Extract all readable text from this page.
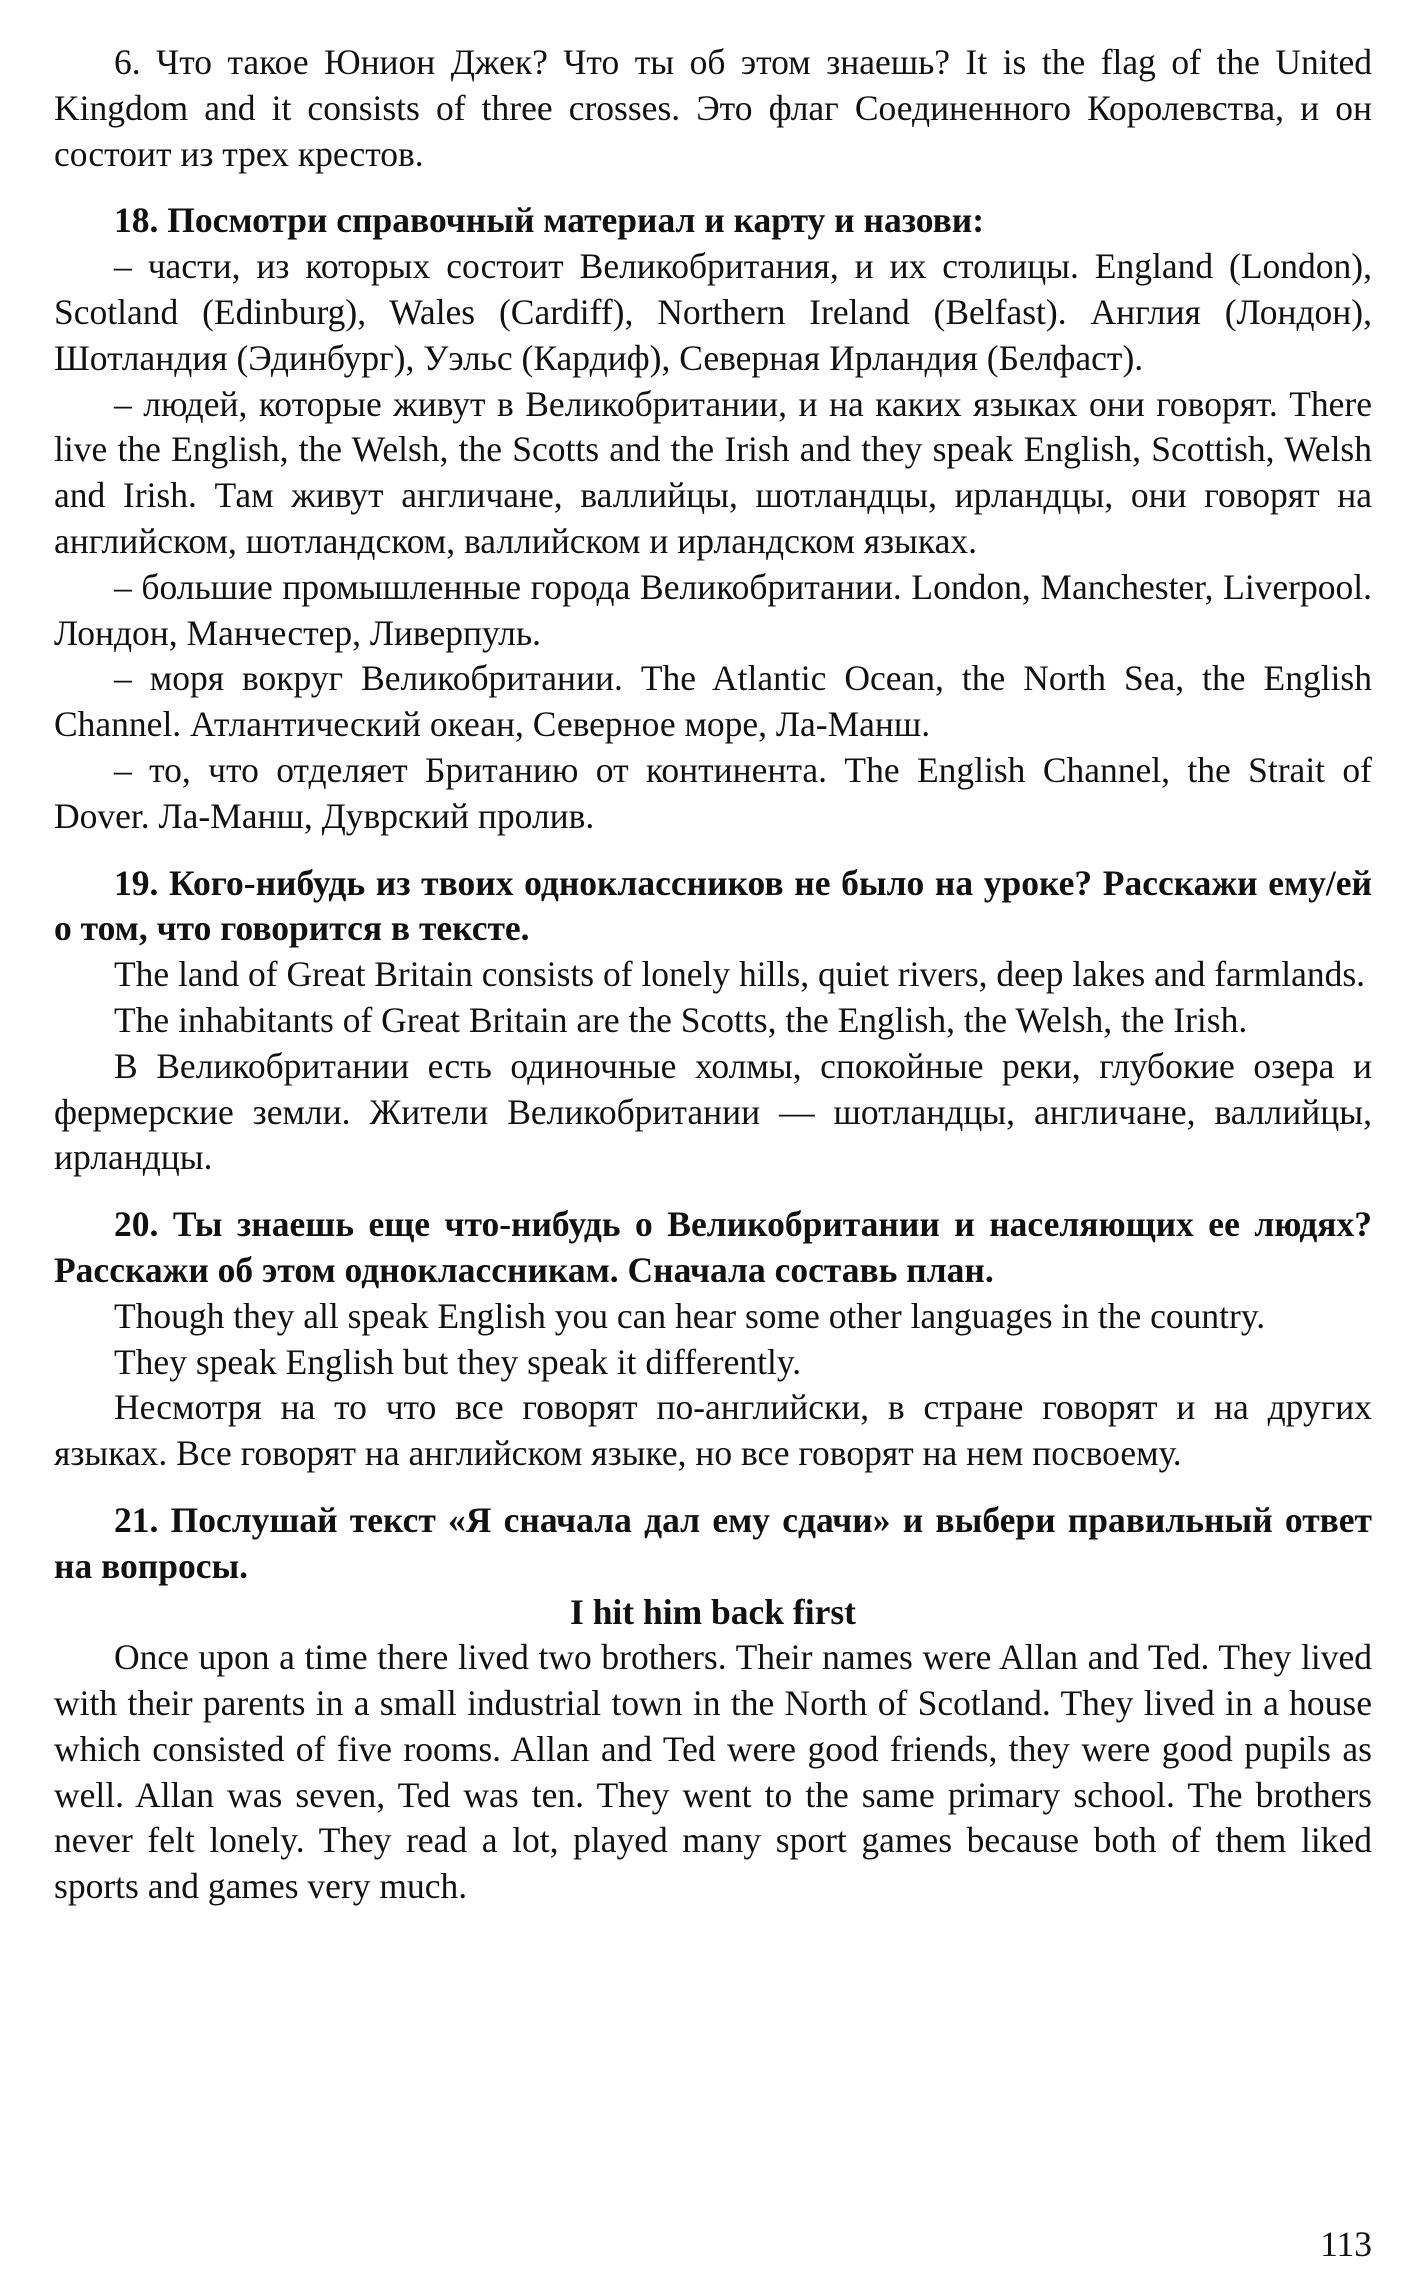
6. Что такое Юнион Джек? Что ты об этом знаешь? It is the flag of the United Kingdom and it consists of three crosses. Это флаг Соединенного Королевства, и он состоит из трех крестов.

18. Посмотри справочный материал и карту и назови:

– части, из которых состоит Великобритания, и их столицы. England (London), Scotland (Edinburg), Wales (Cardiff), Northern Ireland (Belfast). Англия (Лондон), Шотландия (Эдинбург), Уэльс (Кардиф), Северная Ирландия (Белфаст).

– людей, которые живут в Великобритании, и на каких языках они говорят. There live the English, the Welsh, the Scotts and the Irish and they speak English, Scottish, Welsh and Irish. Там живут англичане, валлийцы, шотландцы, ирландцы, они говорят на английском, шотландском, валлийском и ирландском языках.

– большие промышленные города Великобритании. London, Manchester, Liverpool. Лондон, Манчестер, Ливерпуль.

– моря вокруг Великобритании. The Atlantic Ocean, the North Sea, the English Channel. Атлантический океан, Северное море, Ла-Манш.

– то, что отделяет Британию от континента. The English Channel, the Strait of Dover. Ла-Манш, Дуврский пролив.

19. Кого-нибудь из твоих одноклассников не было на уроке? Расскажи ему/ей о том, что говорится в тексте.

The land of Great Britain consists of lonely hills, quiet rivers, deep lakes and farmlands.

The inhabitants of Great Britain are the Scotts, the English, the Welsh, the Irish.

В Великобритании есть одиночные холмы, спокойные реки, глубокие озера и фермерские земли. Жители Великобритании — шотландцы, англичане, валлийцы, ирландцы.

20. Ты знаешь еще что-нибудь о Великобритании и населяющих ее людях? Расскажи об этом одноклассникам. Сначала составь план.

Though they all speak English you can hear some other languages in the country.

They speak English but they speak it differently.

Несмотря на то что все говорят по-английски, в стране говорят и на других языках. Все говорят на английском языке, но все говорят на нем посвоему.

21. Послушай текст «Я сначала дал ему сдачи» и выбери правильный ответ на вопросы.

I hit him back first

Once upon a time there lived two brothers. Their names were Allan and Ted. They lived with their parents in a small industrial town in the North of Scotland. They lived in a house which consisted of five rooms. Allan and Ted were good friends, they were good pupils as well. Allan was seven, Ted was ten. They went to the same primary school. The brothers never felt lonely. They read a lot, played many sport games because both of them liked sports and games very much.

113
